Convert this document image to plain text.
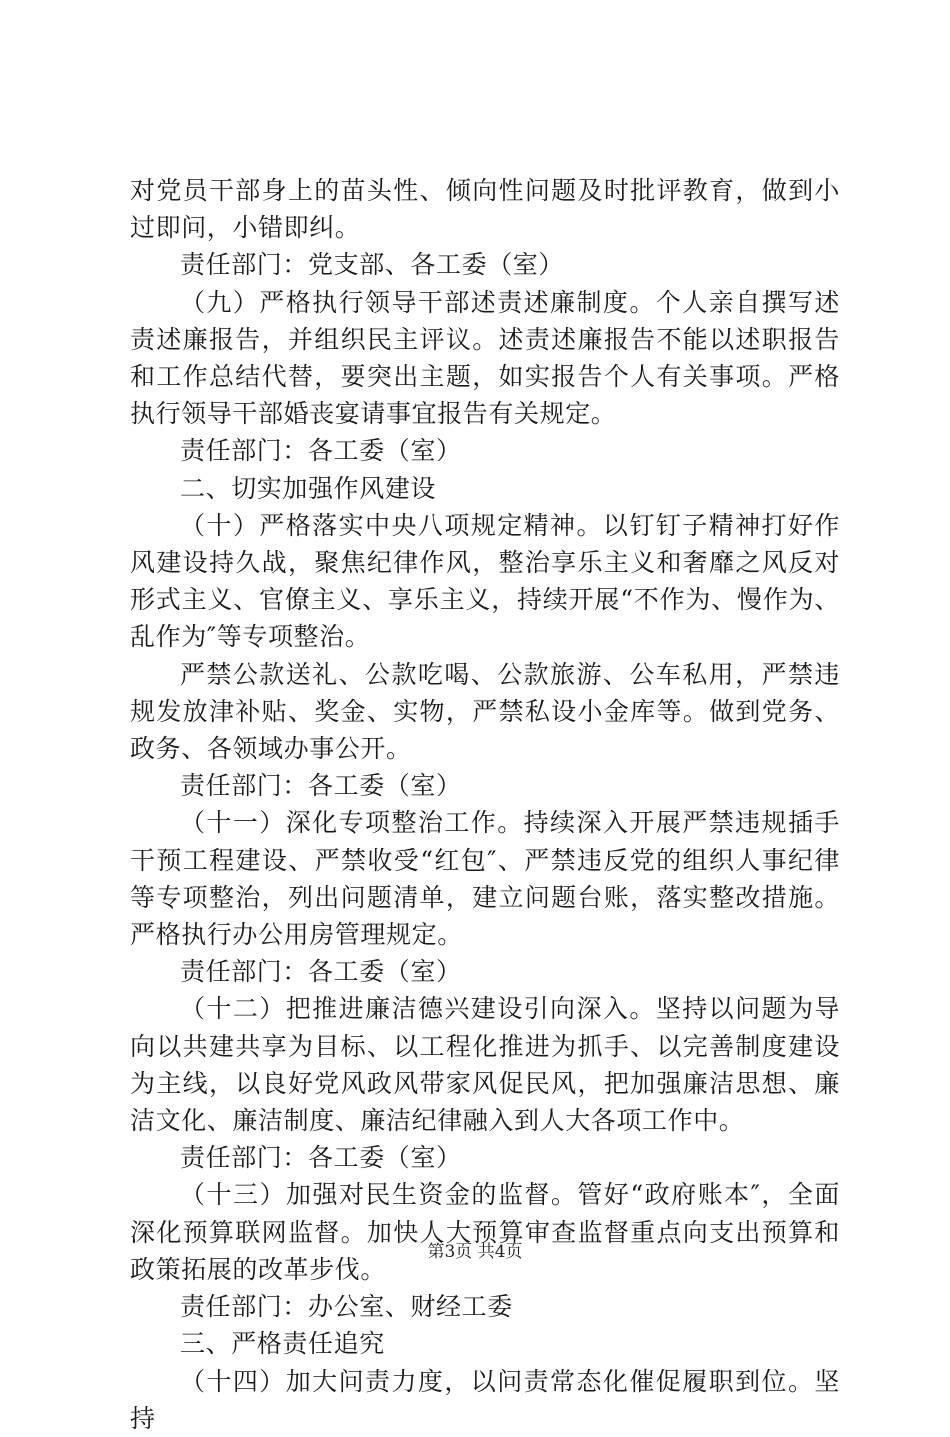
对党员干部身上的苗头性、倾向性问题及时批评教育，做到小过即问，小错即纠。

责任部门：党支部、各工委（室）

（九）严格执行领导干部述责述廉制度。个人亲自撰写述责述廉报告，并组织民主评议。述责述廉报告不能以述职报告和工作总结代替，要突出主题，如实报告个人有关事项。严格执行领导干部婚丧宴请事宜报告有关规定。

责任部门：各工委（室）

二、切实加强作风建设

（十）严格落实中央八项规定精神。以钉钉子精神打好作风建设持久战，聚焦纪律作风，整治享乐主义和奢靡之风反对形式主义、官僚主义、享乐主义，持续开展“不作为、慢作为、乱作为″等专项整治。

严禁公款送礼、公款吃喝、公款旅游、公车私用，严禁违规发放津补贴、奖金、实物，严禁私设小金库等。做到党务、政务、各领域办事公开。

责任部门：各工委（室）

（十一）深化专项整治工作。持续深入开展严禁违规插手干预工程建设、严禁收受“红包″、严禁违反党的组织人事纪律等专项整治，列出问题清单，建立问题台账，落实整改措施。严格执行办公用房管理规定。

责任部门：各工委（室）

（十二）把推进廉洁德兴建设引向深入。坚持以问题为导向以共建共享为目标、以工程化推进为抓手、以完善制度建设为主线，以良好党风政风带家风促民风，把加强廉洁思想、廉洁文化、廉洁制度、廉洁纪律融入到人大各项工作中。

责任部门：各工委（室）

（十三）加强对民生资金的监督。管好“政府账本″，全面深化预算联网监督。加快人大预算审查监督重点向支出预算和政策拓展的改革步伐。

责任部门：办公室、财经工委

三、严格责任追究

（十四）加大问责力度，以问责常态化催促履职到位。坚持

第3页 共4页
